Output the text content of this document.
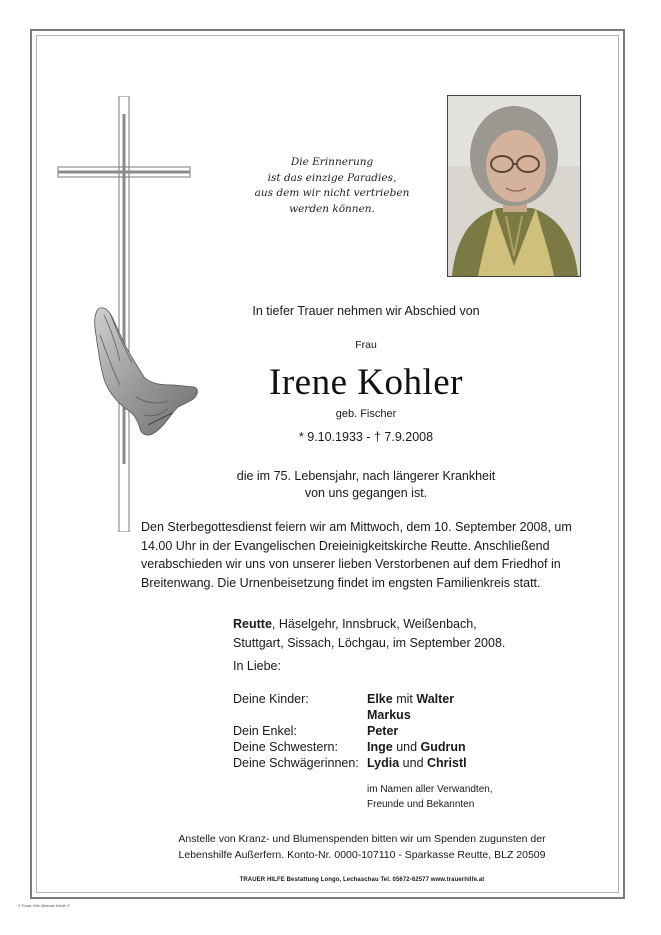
Die Erinnerung
ist das einzige Paradies,
aus dem wir nicht vertrieben
werden können.
In tiefer Trauer nehmen wir Abschied von
Frau
Irene Kohler
geb. Fischer
* 9.10.1933 - † 7.9.2008
die im 75. Lebensjahr, nach längerer Krankheit
von uns gegangen ist.
Den Sterbegottesdienst feiern wir am Mittwoch, dem 10. September 2008, um
14.00 Uhr in der Evangelischen Dreieinigkeitskirche Reutte. Anschließend
verabschieden wir uns von unserer lieben Verstorbenen auf dem Friedhof in
Breitenwang. Die Urnenbeisetzung findet im engsten Familienkreis statt.
Reutte, Häselgehr, Innsbruck, Weißenbach,
Stuttgart, Sissach, Löchgau, im September 2008.
In Liebe:
Deine Kinder:	Elke mit Walter
Markus
Dein Enkel:	Peter
Deine Schwestern: Inge und Gudrun
Deine Schwägerinnen: Lydia und Christl
im Namen aller Verwandten,
Freunde und Bekannten
Anstelle von Kranz- und Blumenspenden bitten wir um Spenden zugunsten der
Lebenshilfe Außerfern. Konto-Nr. 0000-107110 - Sparkasse Reutte, BLZ 20509
TRAUER HILFE Bestattung Longo, Lechaschau Tel. 05672-62577 www.trauerhilfe.at
© Trauer Hilfe „Betende Hände 2"
